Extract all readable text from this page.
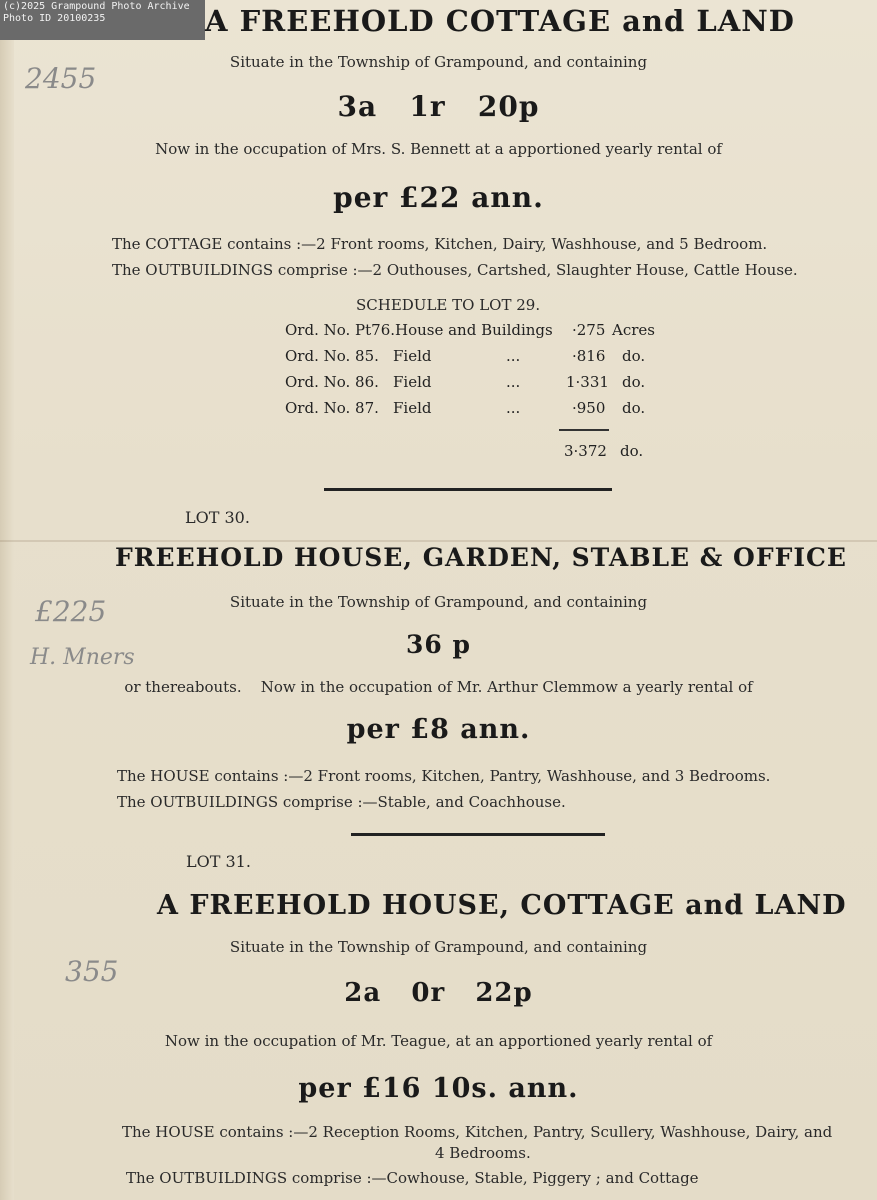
(c)2025 Grampound Photo Archive
Photo ID 20100235	A FREEHOLD COTTAGE and LAND
2455	Situate in the Township of Grampound, and containing
3a   1r   20p
Now in the occupation of Mrs. S. Bennett at a apportioned yearly rental of
per £22 ann.
The COTTAGE contains :—2 Front rooms, Kitchen, Dairy, Washhouse, and 5 Bedroom.
The OUTBUILDINGS comprise :—2 Outhouses, Cartshed, Slaughter House, Cattle House.
SCHEDULE TO LOT 29.
Ord. No. Pt76. House and Buildings ·275 Acres
Ord. No. 85. Field	...	·816 do.
Ord. No. 86. Field	...	1·331 do.
Ord. No. 87. Field	...	·950 do.
3·372 do.
LOT 30.
FREEHOLD HOUSE, GARDEN, STABLE & OFFICE
£225
H. Mners
Situate in the Township of Grampound, and containing
36 p
or thereabouts.    Now in the occupation of Mr. Arthur Clemmow a yearly rental of
per £8 ann.
The HOUSE contains :—2 Front rooms, Kitchen, Pantry, Washhouse, and 3 Bedrooms.
The OUTBUILDINGS comprise :—Stable, and Coachhouse.
LOT 31.
A FREEHOLD HOUSE, COTTAGE and LAND
355
Situate in the Township of Grampound, and containing
2a   0r   22p
Now in the occupation of Mr. Teague, at an apportioned yearly rental of
per £16 10s. ann.
The HOUSE contains :—2 Reception Rooms, Kitchen, Pantry, Scullery, Washhouse, Dairy, and
4 Bedrooms.
The OUTBUILDINGS comprise :—Cowhouse, Stable, Piggery ; and Cottage
